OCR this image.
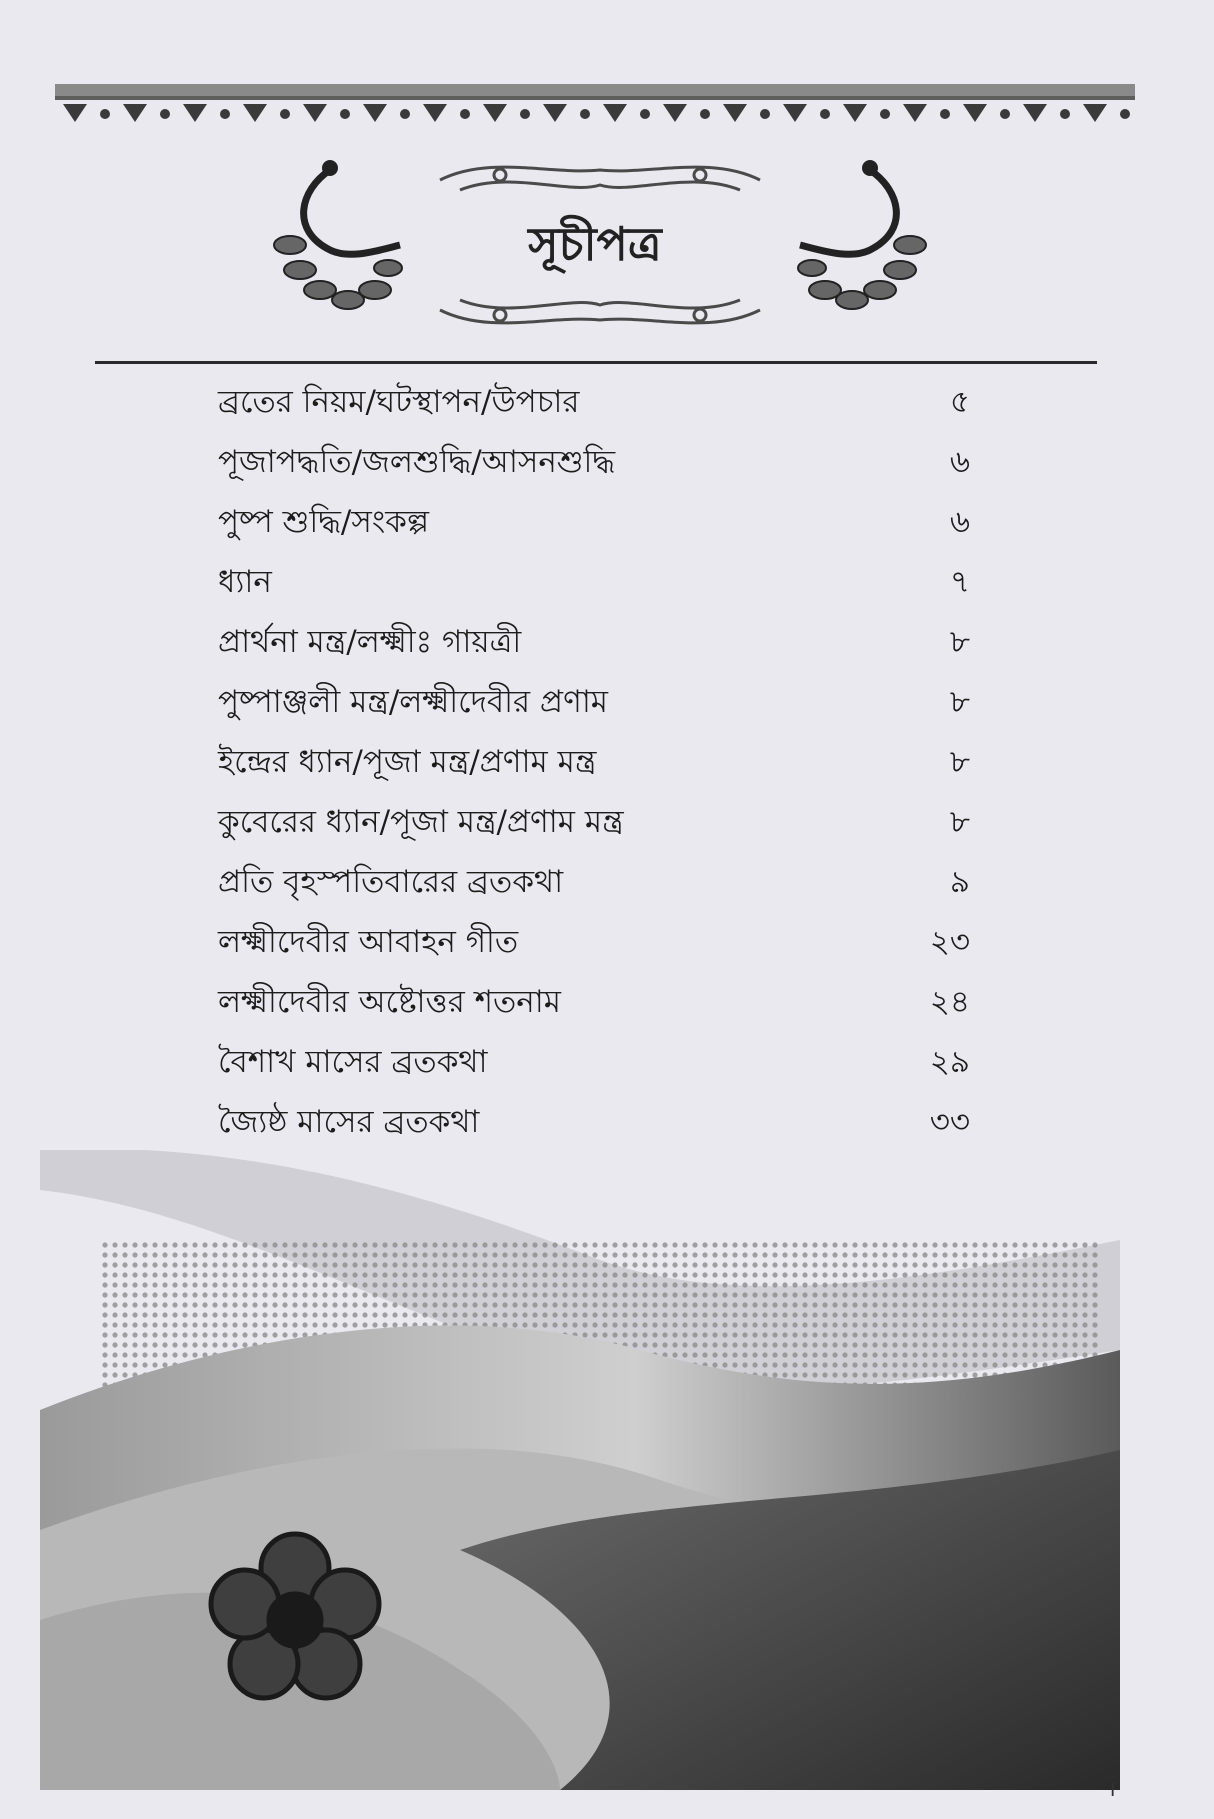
সূচীপত্র
ব্রতের নিয়ম/ঘটস্থাপন/উপচার	৫
পূজাপদ্ধতি/জলশুদ্ধি/আসনশুদ্ধি	৬
পুষ্প শুদ্ধি/সংকল্প	৬
ধ্যান	৭
প্রার্থনা মন্ত্র/লক্ষ্মীঃ গায়ত্রী	৮
পুষ্পাঞ্জলী মন্ত্র/লক্ষ্মীদেবীর প্রণাম	৮
ইন্দ্রের ধ্যান/পূজা মন্ত্র/প্রণাম মন্ত্র	৮
কুবেরের ধ্যান/পূজা মন্ত্র/প্রণাম মন্ত্র	৮
প্রতি বৃহস্পতিবারের ব্রতকথা	৯
লক্ষ্মীদেবীর আবাহন গীত	২৩
লক্ষ্মীদেবীর অষ্টোত্তর শতনাম	২৪
বৈশাখ মাসের ব্রতকথা	২৯
জ্যৈষ্ঠ মাসের ব্রতকথা	৩৩
I
